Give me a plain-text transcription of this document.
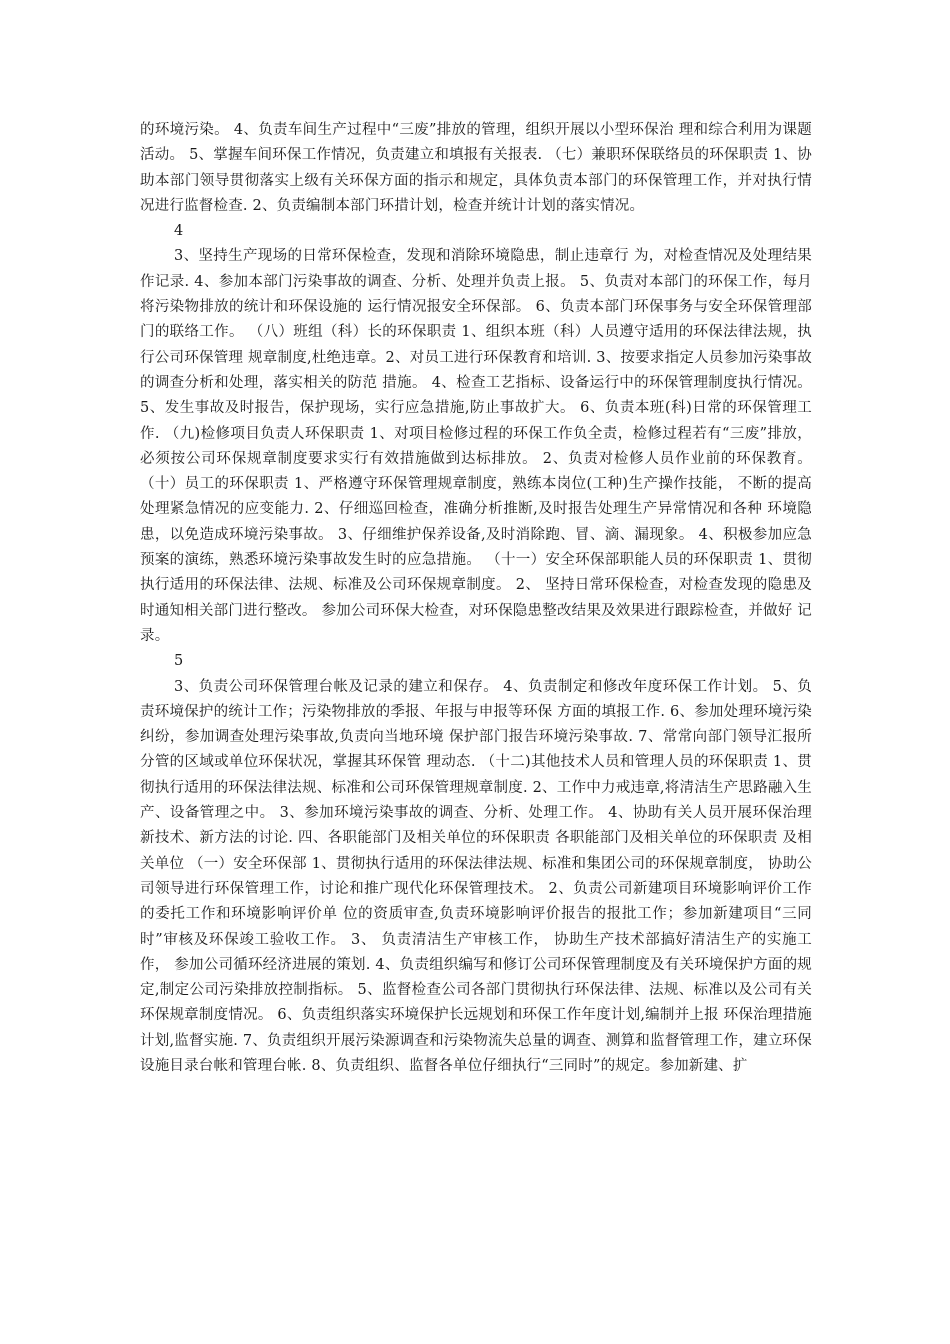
的环境污染。 4、负责车间生产过程中“三废”排放的管理，组织开展以小型环保治 理和综合利用为课题活动。 5、掌握车间环保工作情况，负责建立和填报有关报表. （七）兼职环保联络员的环保职责 1、协助本部门领导贯彻落实上级有关环保方面的指示和规定，具体负责本部门的环保管理工作，并对执行情况进行监督检查. 2、负责编制本部门环措计划，检查并统计计划的落实情况。

4

3、坚持生产现场的日常环保检查，发现和消除环境隐患，制止违章行 为，对检查情况及处理结果作记录. 4、参加本部门污染事故的调查、分析、处理并负责上报。 5、负责对本部门的环保工作，每月将污染物排放的统计和环保设施的 运行情况报安全环保部。 6、负责本部门环保事务与安全环保管理部门的联络工作。 （八）班组（科）长的环保职责 1、组织本班（科）人员遵守适用的环保法律法规，执行公司环保管理 规章制度,杜绝违章。2、对员工进行环保教育和培训. 3、按要求指定人员参加污染事故的调查分析和处理，落实相关的防范 措施。 4、检查工艺指标、设备运行中的环保管理制度执行情况。 5、发生事故及时报告，保护现场，实行应急措施,防止事故扩大。 6、负责本班(科)日常的环保管理工作. （九)检修项目负责人环保职责 1、对项目检修过程的环保工作负全责，检修过程若有“三废”排放， 必须按公司环保规章制度要求实行有效措施做到达标排放。 2、负责对检修人员作业前的环保教育。 （十）员工的环保职责 1、严格遵守环保管理规章制度，熟练本岗位(工种)生产操作技能， 不断的提高处理紧急情况的应变能力. 2、仔细巡回检查，准确分析推断,及时报告处理生产异常情况和各种 环境隐患，以免造成环境污染事故。 3、仔细维护保养设备,及时消除跑、冒、滴、漏现象。 4、积极参加应急预案的演练，熟悉环境污染事故发生时的应急措施。 （十一）安全环保部职能人员的环保职责 1、贯彻执行适用的环保法律、法规、标准及公司环保规章制度。 2、 坚持日常环保检查，对检查发现的隐患及时通知相关部门进行整改。 参加公司环保大检查，对环保隐患整改结果及效果进行跟踪检查，并做好 记录。

5

3、负责公司环保管理台帐及记录的建立和保存。 4、负责制定和修改年度环保工作计划。 5、负责环境保护的统计工作；污染物排放的季报、年报与申报等环保 方面的填报工作. 6、参加处理环境污染纠纷，参加调查处理污染事故,负责向当地环境 保护部门报告环境污染事故. 7、常常向部门领导汇报所分管的区域或单位环保状况，掌握其环保管 理动态. （十二)其他技术人员和管理人员的环保职责 1、贯彻执行适用的环保法律法规、标准和公司环保管理规章制度. 2、工作中力戒违章,将清洁生产思路融入生产、设备管理之中。 3、参加环境污染事故的调查、分析、处理工作。 4、协助有关人员开展环保治理新技术、新方法的讨论. 四、各职能部门及相关单位的环保职责 各职能部门及相关单位的环保职责 及相关单位 （一）安全环保部 1、贯彻执行适用的环保法律法规、标准和集团公司的环保规章制度， 协助公司领导进行环保管理工作，讨论和推广现代化环保管理技术。 2、负责公司新建项目环境影响评价工作的委托工作和环境影响评价单 位的资质审查,负责环境影响评价报告的报批工作；参加新建项目“三同 时”审核及环保竣工验收工作。 3、 负责清洁生产审核工作， 协助生产技术部搞好清洁生产的实施工作， 参加公司循环经济进展的策划. 4、负责组织编写和修订公司环保管理制度及有关环境保护方面的规 定,制定公司污染排放控制指标。 5、监督检查公司各部门贯彻执行环保法律、法规、标准以及公司有关 环保规章制度情况。 6、负责组织落实环境保护长远规划和环保工作年度计划,编制并上报 环保治理措施计划,监督实施. 7、负责组织开展污染源调查和污染物流失总量的调查、测算和监督管理工作，建立环保设施目录台帐和管理台帐. 8、负责组织、监督各单位仔细执行“三同时”的规定。参加新建、扩
